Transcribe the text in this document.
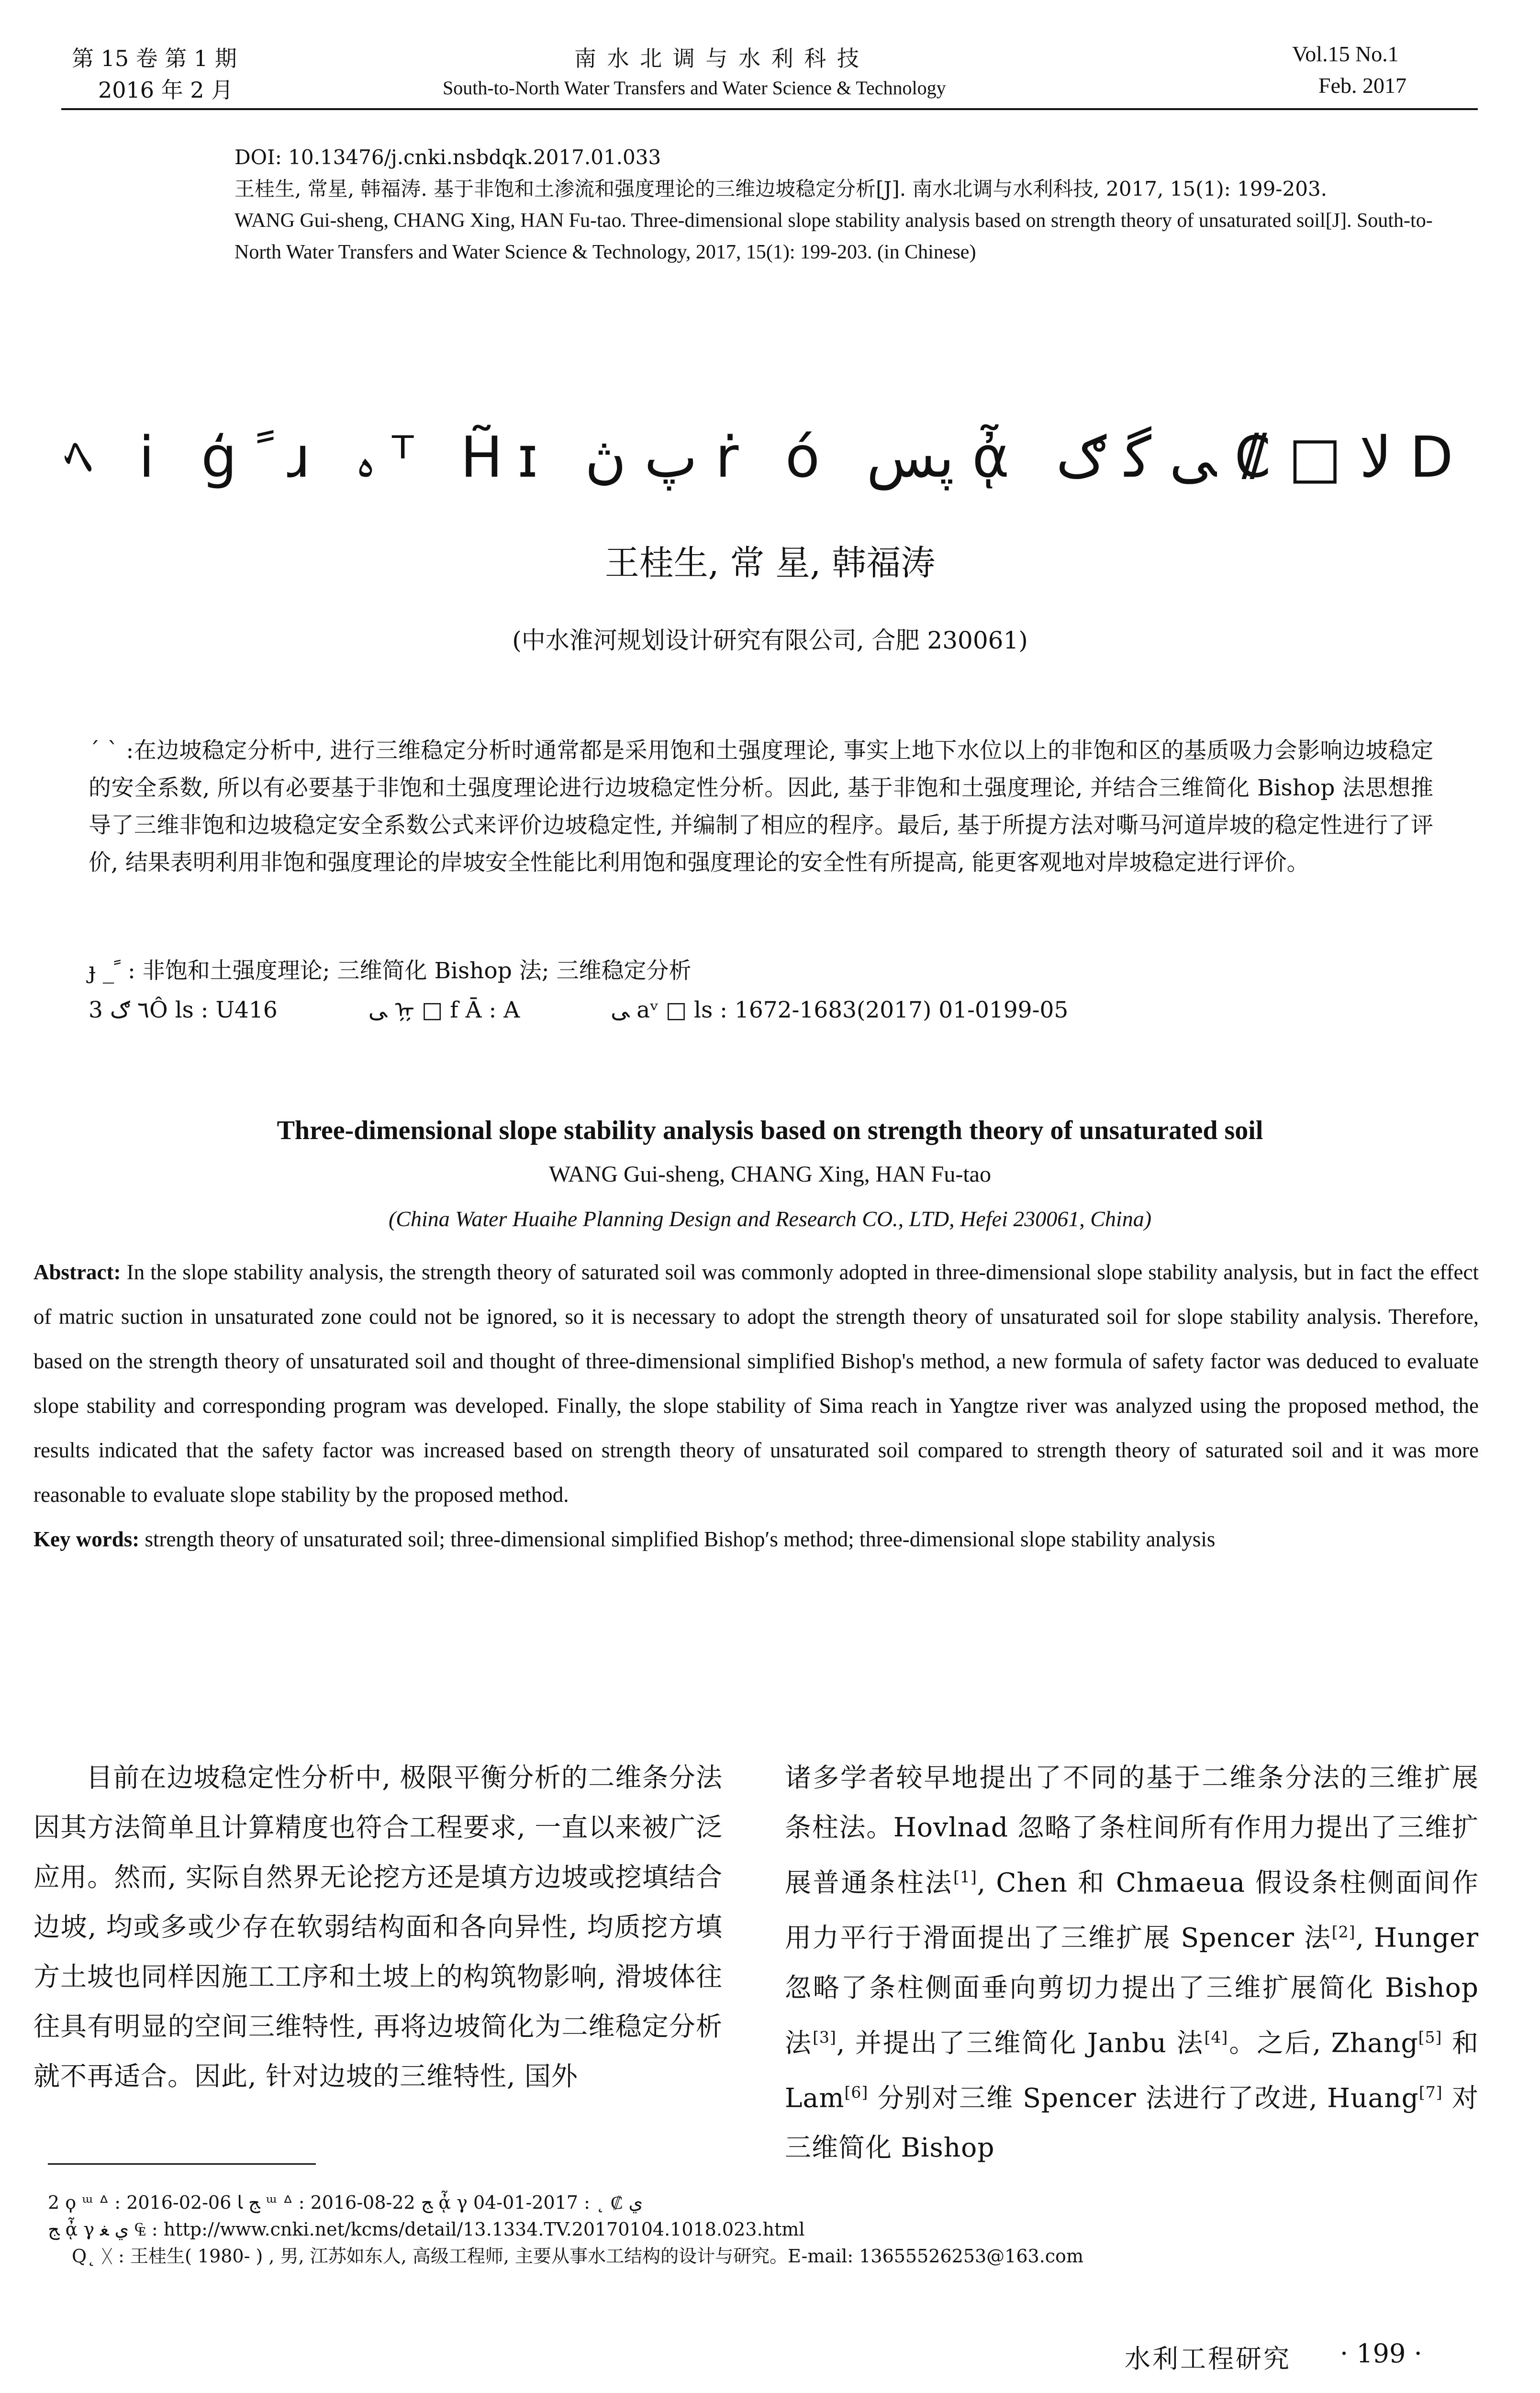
第 15 卷 第 1 期
2016 年 2 月
南 水 北 调 与 水 利 科 技
South-to-North Water Transfers and Water Science & Technology
Vol.15 No.1
Feb. 2017
DOI: 10.13476/j.cnki.nsbdqk.2017.01.033
王桂生, 常星, 韩福涛. 基于非饱和土渗流和强度理论的三维边坡稳定分析[J]. 南水北调与水利科技, 2017, 15(1): 199-203.
WANG Gui-sheng, CHANG Xing, HAN Fu-tao. Three-dimensional slope stability analysis based on strength theory of unsaturated soil[J]. South-to-North Water Transfers and Water Science & Technology, 2017, 15(1): 199-203. (in Chinese)
ﾍ i ģ ً ɹ ﮦ ᵀ H̃ɪ پ ڽ ṙ ó پس ᾆ ﻻ □ ₡ ﯽ ﮔ ګ D
王桂生, 常 星, 韩福涛
(中水淮河规划设计研究有限公司, 合肥 230061)
ˊ ˋ :在边坡稳定分析中, 进行三维稳定分析时通常都是采用饱和土强度理论, 事实上地下水位以上的非饱和区的基质吸力会影响边坡稳定的安全系数, 所以有必要基于非饱和土强度理论进行边坡稳定性分析。因此, 基于非饱和土强度理论, 并结合三维简化 Bishop 法思想推导了三维非饱和边坡稳定安全系数公式来评价边坡稳定性, 并编制了相应的程序。最后, 基于所提方法对嘶马河道岸坡的稳定性进行了评价, 结果表明利用非饱和强度理论的岸坡安全性能比利用饱和强度理论的安全性有所提高, 能更客观地对岸坡稳定进行评价。
ɟ _ ً : 非饱和土强度理论; 三维简化 Bishop 法; 三维稳定分析
3 ٦ ګÔ ls : U416	ﯽ ᡍ □ f Ā : A	ﯽ aᵛ □ ls : 1672-1683(2017) 01-0199-05
Three-dimensional slope stability analysis based on strength theory of unsaturated soil
WANG Gui-sheng, CHANG Xing, HAN Fu-tao
(China Water Huaihe Planning Design and Research CO., LTD, Hefei 230061, China)
Abstract: In the slope stability analysis, the strength theory of saturated soil was commonly adopted in three-dimensional slope stability analysis, but in fact the effect of matric suction in unsaturated zone could not be ignored, so it is necessary to adopt the strength theory of unsaturated soil for slope stability analysis. Therefore, based on the strength theory of unsaturated soil and thought of three-dimensional simplified Bishop's method, a new formula of safety factor was deduced to evaluate slope stability and corresponding program was developed. Finally, the slope stability of Sima reach in Yangtze river was analyzed using the proposed method, the results indicated that the safety factor was increased based on strength theory of unsaturated soil compared to strength theory of saturated soil and it was more reasonable to evaluate slope stability by the proposed method.
Key words: strength theory of unsaturated soil; three-dimensional simplified Bishop′s method; three-dimensional slope stability analysis
目前在边坡稳定性分析中, 极限平衡分析的二维条分法因其方法简单且计算精度也符合工程要求, 一直以来被广泛应用。然而, 实际自然界无论挖方还是填方边坡或挖填结合边坡, 均或多或少存在软弱结构面和各向异性, 均质挖方填方土坡也同样因施工工序和土坡上的构筑物影响, 滑坡体往往具有明显的空间三维特性, 再将边坡简化为二维稳定分析就不再适合。因此, 针对边坡的三维特性, 国外
诸多学者较早地提出了不同的基于二维条分法的三维扩展条柱法。Hovlnad 忽略了条柱间所有作用力提出了三维扩展普通条柱法[1], Chen 和 Chmaeua 假设条柱侧面间作用力平行于滑面提出了三维扩展 Spencer 法[2], Hunger 忽略了条柱侧面垂向剪切力提出了三维扩展简化 Bishop 法[3], 并提出了三维简化 Janbu 法[4]。之后, Zhang[5] 和 Lam[6] 分别对三维 Spencer 法进行了改进, Huang[7] 对三维简化 Bishop
2 ϙ ᵚ ᐞ : 2016-02-06 ﺞ ﺎ ᵚ ᐞ : 2016-08-22 ﺞ ᾆ γ ﻱ ₡ ˛ : 2017-01-04
ﺞ ᾆ γ ﻱ ﻐ ₠ : http://www.cnki.net/kcms/detail/13.1334.TV.20170104.1018.023.html
Q˛ ᚷ : 王桂生( 1980- ) , 男, 江苏如东人, 高级工程师, 主要从事水工结构的设计与研究。E-mail: 13655526253@163.com
水利工程研究 · 199 ·
